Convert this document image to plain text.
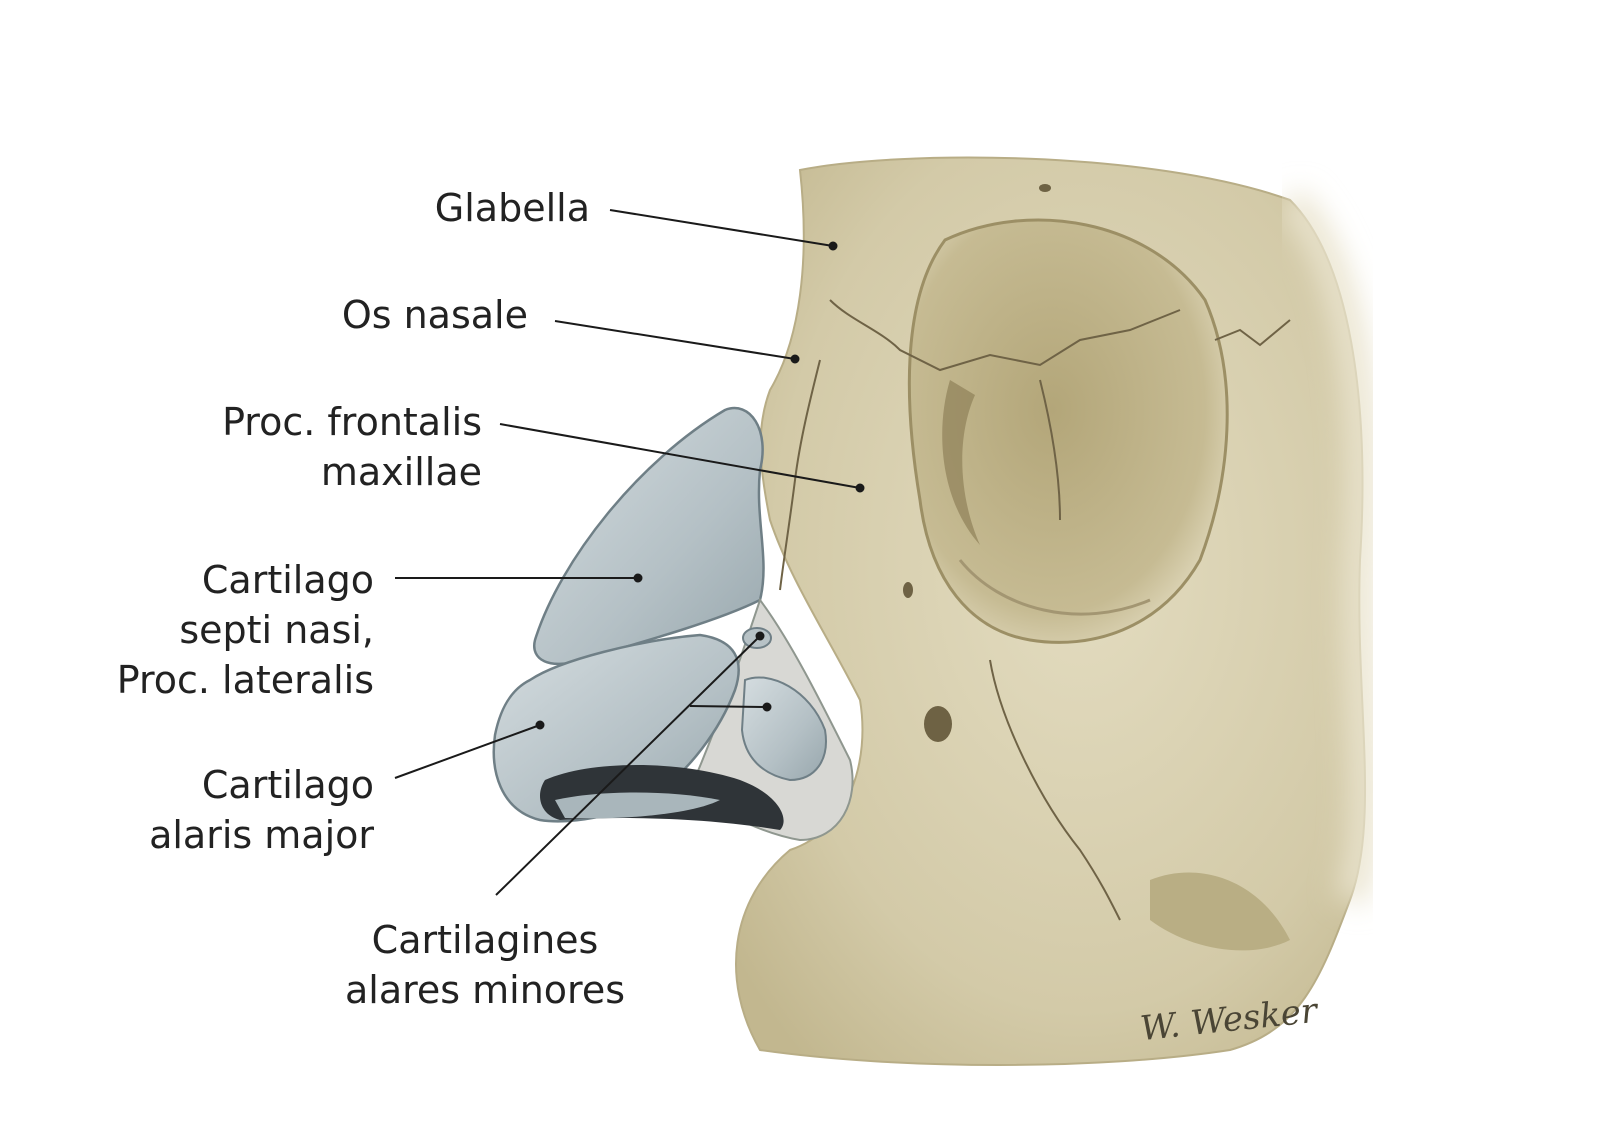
Glabella
Os nasale
Proc. frontalis
maxillae
Cartilago
septi nasi,
Proc. lateralis
Cartilago
alaris major
Cartilagines
alares minores
W. Wesker
